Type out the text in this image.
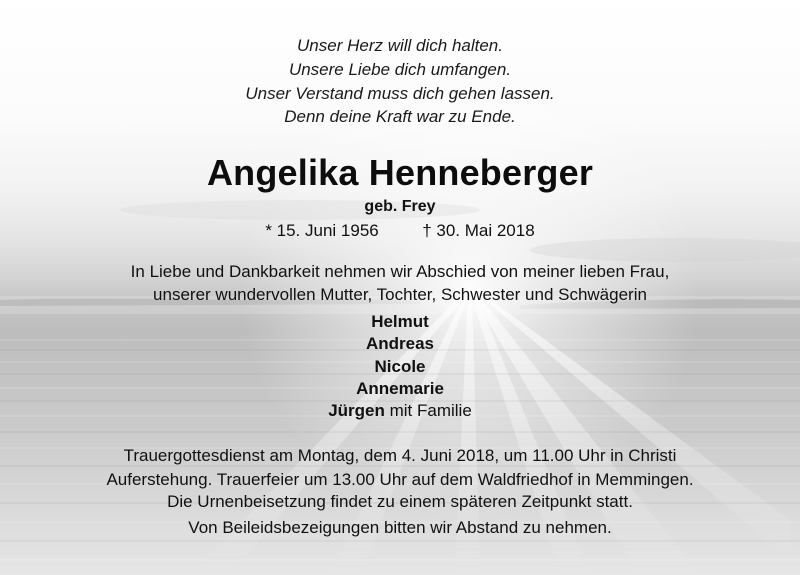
Unser Herz will dich halten.
Unsere Liebe dich umfangen.
Unser Verstand muss dich gehen lassen.
Denn deine Kraft war zu Ende.
Angelika Henneberger
geb. Frey
* 15. Juni 1956	† 30. Mai 2018
In Liebe und Dankbarkeit nehmen wir Abschied von meiner lieben Frau,
unserer wundervollen Mutter, Tochter, Schwester und Schwägerin
Helmut
Andreas
Nicole
Annemarie
Jürgen mit Familie
Trauergottesdienst am Montag, dem 4. Juni 2018, um 11.00 Uhr in Christi
Auferstehung. Trauerfeier um 13.00 Uhr auf dem Waldfriedhof in Memmingen.
Die Urnenbeisetzung findet zu einem späteren Zeitpunkt statt.
Von Beileidsbezeigungen bitten wir Abstand zu nehmen.
